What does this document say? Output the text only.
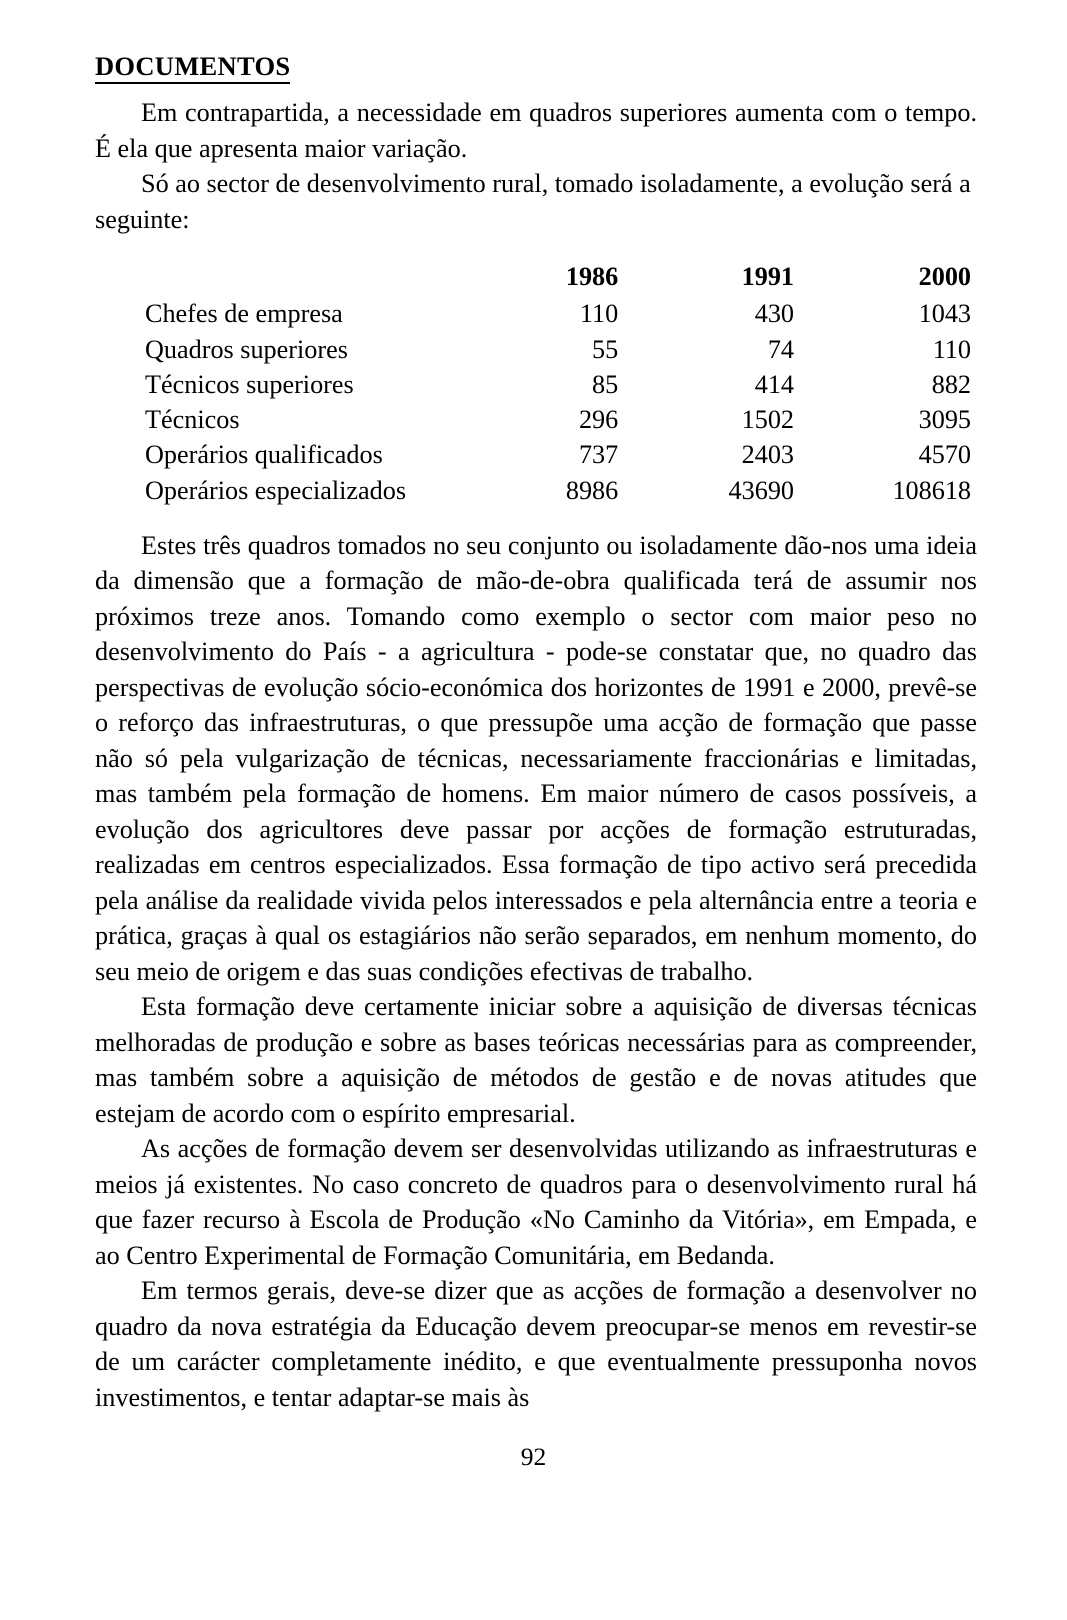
DOCUMENTOS

Em contrapartida, a necessidade em quadros superiores aumenta com o tempo. É ela que apresenta maior variação.

Só ao sector de desenvolvimento rural, tomado isoladamente, a evolução será a seguinte:

	1986	1991	2000
Chefes de empresa	110	430	1043
Quadros superiores	55	74	110
Técnicos superiores	85	414	882
Técnicos	296	1502	3095
Operários qualificados	737	2403	4570
Operários especializados	8986	43690	108618

Estes três quadros tomados no seu conjunto ou isoladamente dão-nos uma ideia da dimensão que a formação de mão-de-obra qualificada terá de assumir nos próximos treze anos. Tomando como exemplo o sector com maior peso no desenvolvimento do País - a agricultura - pode-se constatar que, no quadro das perspectivas de evolução sócio-económica dos horizontes de 1991 e 2000, prevê-se o reforço das infraestruturas, o que pressupõe uma acção de formação que passe não só pela vulgarização de técnicas, necessariamente fraccionárias e limitadas, mas também pela formação de homens. Em maior número de casos possíveis, a evolução dos agricultores deve passar por acções de formação estruturadas, realizadas em centros especializados. Essa formação de tipo activo será precedida pela análise da realidade vivida pelos interessados e pela alternância entre a teoria e prática, graças à qual os estagiários não serão separados, em nenhum momento, do seu meio de origem e das suas condições efectivas de trabalho.

Esta formação deve certamente iniciar sobre a aquisição de diversas técnicas melhoradas de produção e sobre as bases teóricas necessárias para as compreender, mas também sobre a aquisição de métodos de gestão e de novas atitudes que estejam de acordo com o espírito empresarial.

As acções de formação devem ser desenvolvidas utilizando as infraestruturas e meios já existentes. No caso concreto de quadros para o desenvolvimento rural há que fazer recurso à Escola de Produção «No Caminho da Vitória», em Empada, e ao Centro Experimental de Formação Comunitária, em Bedanda.

Em termos gerais, deve-se dizer que as acções de formação a desenvolver no quadro da nova estratégia da Educação devem preocupar-se menos em revestir-se de um carácter completamente inédito, e que eventualmente pressuponha novos investimentos, e tentar adaptar-se mais às

92
